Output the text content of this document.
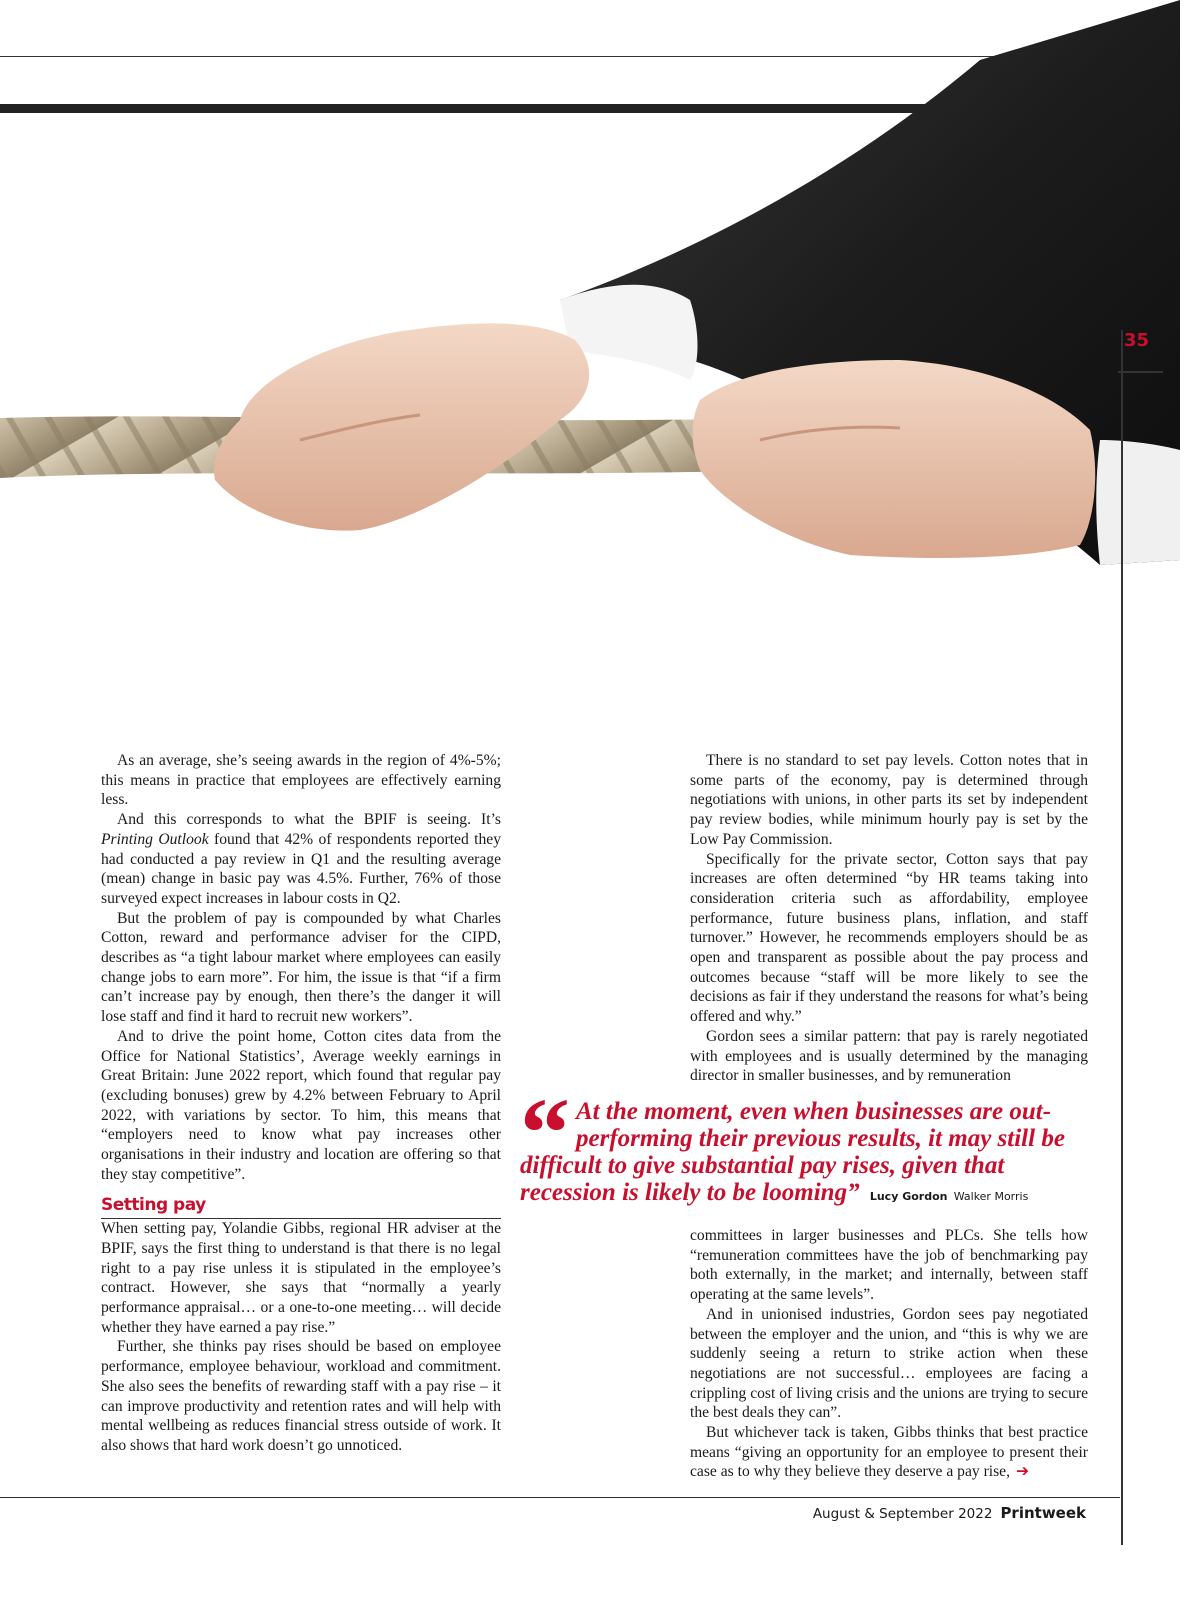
35

As an average, she’s seeing awards in the region of 4%-5%; this means in practice that employees are effectively earning less.

And this corresponds to what the BPIF is seeing. It’s Printing Outlook found that 42% of respondents reported they had conducted a pay review in Q1 and the resulting average (mean) change in basic pay was 4.5%. Further, 76% of those surveyed expect increases in labour costs in Q2.

But the problem of pay is compounded by what Charles Cotton, reward and performance adviser for the CIPD, describes as “a tight labour market where employees can easily change jobs to earn more”. For him, the issue is that “if a firm can’t increase pay by enough, then there’s the danger it will lose staff and find it hard to recruit new workers”.

And to drive the point home, Cotton cites data from the Office for National Statistics’, Average weekly earnings in Great Britain: June 2022 report, which found that regular pay (excluding bonuses) grew by 4.2% between February to April 2022, with variations by sector. To him, this means that “employers need to know what pay increases other organisations in their industry and location are offering so that they stay competitive”.

Setting pay

When setting pay, Yolandie Gibbs, regional HR adviser at the BPIF, says the first thing to understand is that there is no legal right to a pay rise unless it is stipulated in the employee’s contract. However, she says that “normally a yearly performance appraisal… or a one-to-one meeting… will decide whether they have earned a pay rise.”

Further, she thinks pay rises should be based on employee performance, employee behaviour, workload and commitment. She also sees the benefits of rewarding staff with a pay rise – it can improve productivity and retention rates and will help with mental wellbeing as reduces financial stress outside of work. It also shows that hard work doesn’t go unnoticed.

There is no standard to set pay levels. Cotton notes that in some parts of the economy, pay is determined through negotiations with unions, in other parts its set by independent pay review bodies, while minimum hourly pay is set by the Low Pay Commission.

Specifically for the private sector, Cotton says that pay increases are often determined “by HR teams taking into consideration criteria such as affordability, employee performance, future business plans, inflation, and staff turnover.” However, he recommends employers should be as open and transparent as possible about the pay process and outcomes because “staff will be more likely to see the decisions as fair if they understand the reasons for what’s being offered and why.”

Gordon sees a similar pattern: that pay is rarely negotiated with employees and is usually determined by the managing director in smaller businesses, and by remuneration

“ At the moment, even when businesses are out-performing their previous results, it may still be difficult to give substantial pay rises, given that recession is likely to be looming” Lucy Gordon Walker Morris

committees in larger businesses and PLCs. She tells how “remuneration committees have the job of benchmarking pay both externally, in the market; and internally, between staff operating at the same levels”.

And in unionised industries, Gordon sees pay negotiated between the employer and the union, and “this is why we are suddenly seeing a return to strike action when these negotiations are not successful… employees are facing a crippling cost of living crisis and the unions are trying to secure the best deals they can”.

But whichever tack is taken, Gibbs thinks that best practice means “giving an opportunity for an employee to present their case as to why they believe they deserve a pay rise, ➔

August & September 2022 Printweek
